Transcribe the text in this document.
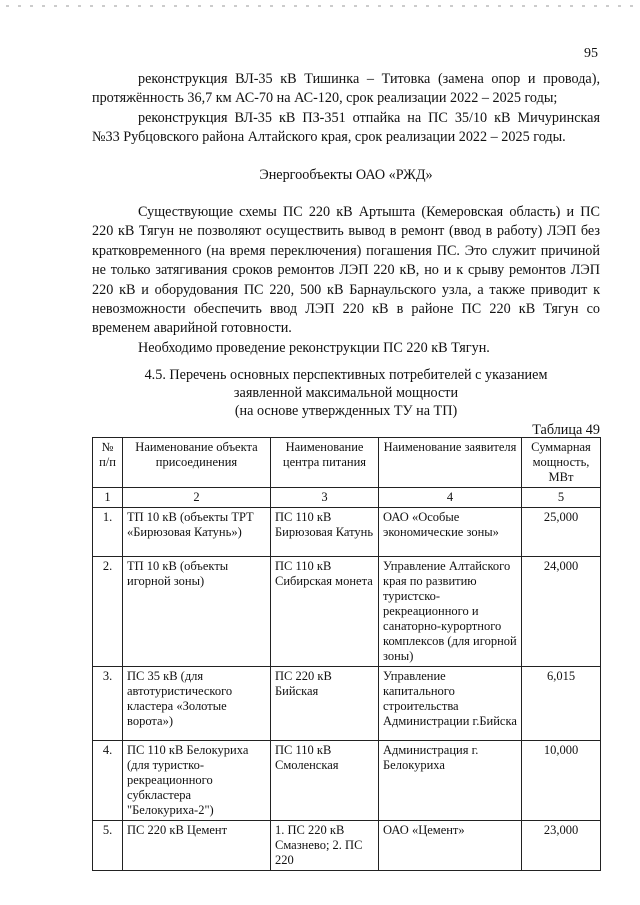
95

реконструкция ВЛ-35 кВ Тишинка – Титовка (замена опор и провода), протяжённость 36,7 км АС-70 на АС-120, срок реализации 2022 – 2025 годы;

реконструкция ВЛ-35 кВ ПЗ-351 отпайка на ПС 35/10 кВ Мичуринская №33 Рубцовского района Алтайского края, срок реализации 2022 – 2025 годы.

Энергообъекты ОАО «РЖД»

Существующие схемы ПС 220 кВ Артышта (Кемеровская область) и ПС 220 кВ Тягун не позволяют осуществить вывод в ремонт (ввод в работу) ЛЭП без кратковременного (на время переключения) погашения ПС. Это служит причиной не только затягивания сроков ремонтов ЛЭП 220 кВ, но и к срыву ремонтов ЛЭП 220 кВ и оборудования ПС 220, 500 кВ Барнаульского узла, а также приводит к невозможности обеспечить ввод ЛЭП 220 кВ в районе ПС 220 кВ Тягун со временем аварийной готовности.

Необходимо проведение реконструкции ПС 220 кВ Тягун.

4.5. Перечень основных перспективных потребителей с указанием
заявленной максимальной мощности
(на основе утвержденных ТУ на ТП)
Таблица 49
№ п/п	Наименование объекта присоединения	Наименование центра питания	Наименование заявителя	Суммарная мощность, МВт
1	2	3	4	5
1.	ТП 10 кВ (объекты ТРТ «Бирюзовая Катунь»)	ПС 110 кВ Бирюзовая Катунь	ОАО «Особые экономические зоны»	25,000
2.	ТП 10 кВ (объекты игорной зоны)	ПС 110 кВ Сибирская монета	Управление Алтайского края по развитию туристско-рекреационного и санаторно-курортного комплексов (для игорной зоны)	24,000
3.	ПС 35 кВ (для автотуристического кластера «Золотые ворота»)	ПС 220 кВ Бийская	Управление капитального строительства Администрации г.Бийска	6,015
4.	ПС 110 кВ Белокуриха (для туристко-рекреационного субкластера "Белокуриха-2")	ПС 110 кВ Смоленская	Администрация г. Белокуриха	10,000
5.	ПС 220 кВ Цемент	1. ПС 220 кВ Смазнево; 2. ПС 220	ОАО «Цемент»	23,000
